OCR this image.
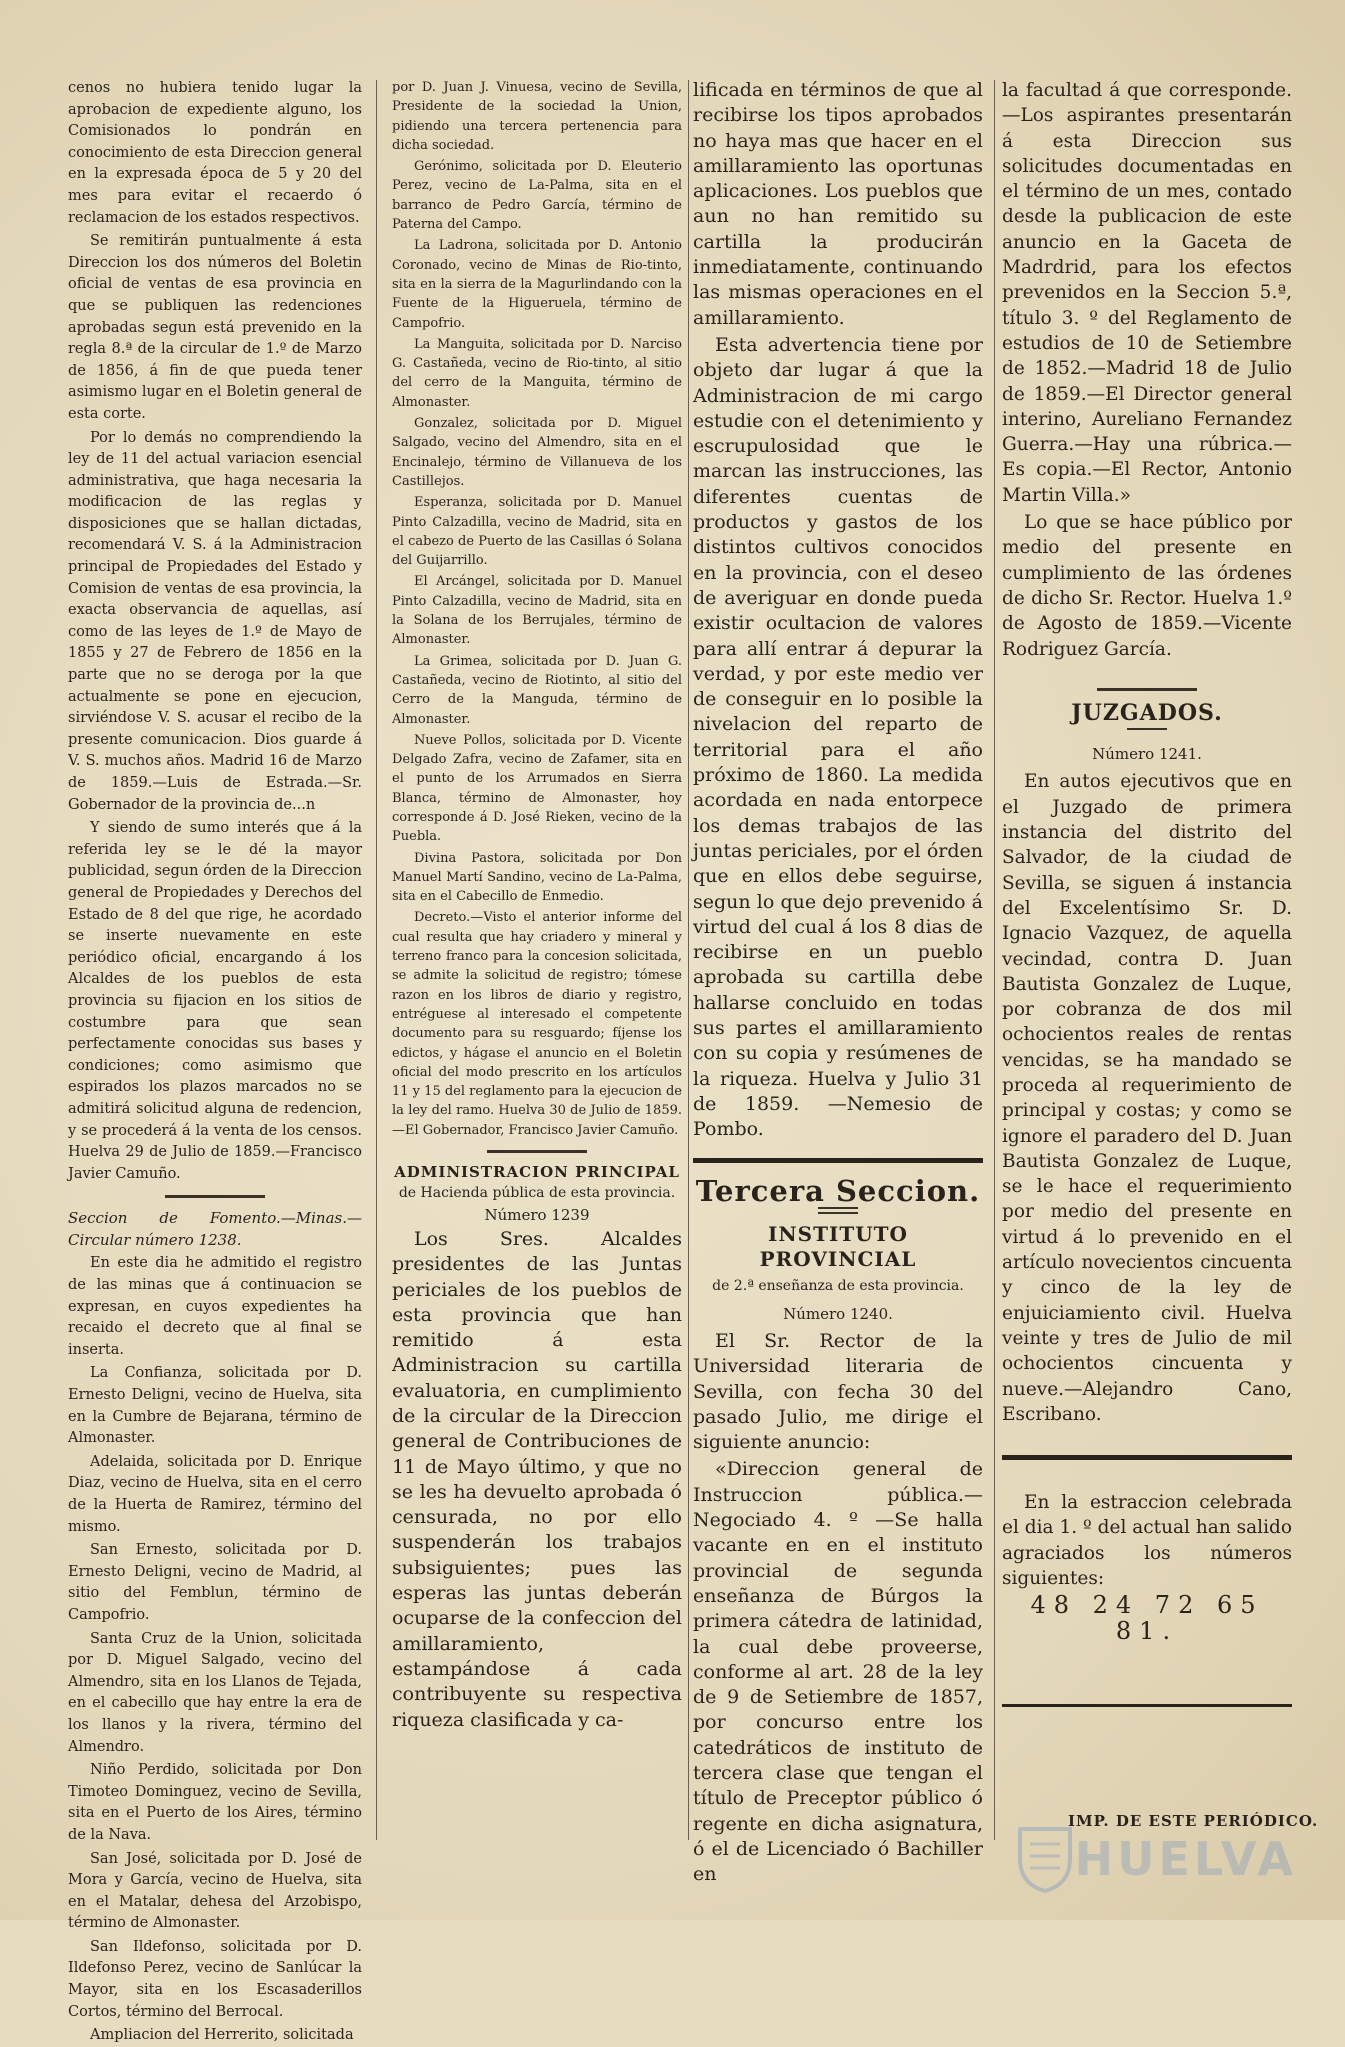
cenos no hubiera tenido lugar la aprobacion de expediente alguno, los Comisionados lo pondrán en conocimiento de esta Direccion general en la expresada época de 5 y 20 del mes para evitar el recaerdo ó reclamacion de los estados respectivos.

Se remitirán puntualmente á esta Direccion los dos números del Boletin oficial de ventas de esa provincia en que se publiquen las redenciones aprobadas segun está prevenido en la regla 8.ª de la circular de 1.º de Marzo de 1856, á fin de que pueda tener asimismo lugar en el Boletin general de esta corte.

Por lo demás no comprendiendo la ley de 11 del actual variacion esencial administrativa, que haga necesaria la modificacion de las reglas y disposiciones que se hallan dictadas, recomendará V. S. á la Administracion principal de Propiedades del Estado y Comision de ventas de esa provincia, la exacta observancia de aquellas, así como de las leyes de 1.º de Mayo de 1855 y 27 de Febrero de 1856 en la parte que no se deroga por la que actualmente se pone en ejecucion, sirviéndose V. S. acusar el recibo de la presente comunicacion. Dios guarde á V. S. muchos años. Madrid 16 de Marzo de 1859.—Luis de Estrada.—Sr. Gobernador de la provincia de...n

Y siendo de sumo interés que á la referida ley se le dé la mayor publicidad, segun órden de la Direccion general de Propiedades y Derechos del Estado de 8 del que rige, he acordado se inserte nuevamente en este periódico oficial, encargando á los Alcaldes de los pueblos de esta provincia su fijacion en los sitios de costumbre para que sean perfectamente conocidas sus bases y condiciones; como asimismo que espirados los plazos marcados no se admitirá solicitud alguna de redencion, y se procederá á la venta de los censos. Huelva 29 de Julio de 1859.—Francisco Javier Camuño.

Seccion de Fomento.—Minas.—Circular número 1238.

En este dia he admitido el registro de las minas que á continuacion se expresan, en cuyos expedientes ha recaido el decreto que al final se inserta.

La Confianza, solicitada por D. Ernesto Deligni, vecino de Huelva, sita en la Cumbre de Bejarana, término de Almonaster.

Adelaida, solicitada por D. Enrique Diaz, vecino de Huelva, sita en el cerro de la Huerta de Ramirez, término del mismo.

San Ernesto, solicitada por D. Ernesto Deligni, vecino de Madrid, al sitio del Femblun, término de Campofrio.

Santa Cruz de la Union, solicitada por D. Miguel Salgado, vecino del Almendro, sita en los Llanos de Tejada, en el cabecillo que hay entre la era de los llanos y la rivera, término del Almendro.

Niño Perdido, solicitada por Don Timoteo Dominguez, vecino de Sevilla, sita en el Puerto de los Aires, término de la Nava.

San José, solicitada por D. José de Mora y García, vecino de Huelva, sita en el Matalar, dehesa del Arzobispo, término de Almonaster.

San Ildefonso, solicitada por D. Ildefonso Perez, vecino de Sanlúcar la Mayor, sita en los Escasaderillos Cortos, término del Berrocal.

Ampliacion del Herrerito, solicitada

por D. Juan J. Vinuesa, vecino de Sevilla, Presidente de la sociedad la Union, pidiendo una tercera pertenencia para dicha sociedad.

Gerónimo, solicitada por D. Eleuterio Perez, vecino de La-Palma, sita en el barranco de Pedro García, término de Paterna del Campo.

La Ladrona, solicitada por D. Antonio Coronado, vecino de Minas de Rio-tinto, sita en la sierra de la Magurlindando con la Fuente de la Higueruela, término de Campofrio.

La Manguita, solicitada por D. Narciso G. Castañeda, vecino de Rio-tinto, al sitio del cerro de la Manguita, término de Almonaster.

Gonzalez, solicitada por D. Miguel Salgado, vecino del Almendro, sita en el Encinalejo, término de Villanueva de los Castillejos.

Esperanza, solicitada por D. Manuel Pinto Calzadilla, vecino de Madrid, sita en el cabezo de Puerto de las Casillas ó Solana del Guijarrillo.

El Arcángel, solicitada por D. Manuel Pinto Calzadilla, vecino de Madrid, sita en la Solana de los Berrujales, término de Almonaster.

La Grimea, solicitada por D. Juan G. Castañeda, vecino de Riotinto, al sitio del Cerro de la Manguda, término de Almonaster.

Nueve Pollos, solicitada por D. Vicente Delgado Zafra, vecino de Zafamer, sita en el punto de los Arrumados en Sierra Blanca, término de Almonaster, hoy corresponde á D. José Rieken, vecino de la Puebla.

Divina Pastora, solicitada por Don Manuel Martí Sandino, vecino de La-Palma, sita en el Cabecillo de Enmedio.

Decreto.—Visto el anterior informe del cual resulta que hay criadero y mineral y terreno franco para la concesion solicitada, se admite la solicitud de registro; tómese razon en los libros de diario y registro, entréguese al interesado el competente documento para su resguardo; fíjense los edictos, y hágase el anuncio en el Boletin oficial del modo prescrito en los artículos 11 y 15 del reglamento para la ejecucion de la ley del ramo. Huelva 30 de Julio de 1859.—El Gobernador, Francisco Javier Camuño.

ADMINISTRACION PRINCIPAL

de Hacienda pública de esta provincia.

Número 1239

Los Sres. Alcaldes presidentes de las Juntas periciales de los pueblos de esta provincia que han remitido á esta Administracion su cartilla evaluatoria, en cumplimiento de la circular de la Direccion general de Contribuciones de 11 de Mayo último, y que no se les ha devuelto aprobada ó censurada, no por ello suspenderán los trabajos subsiguientes; pues las esperas las juntas deberán ocuparse de la confeccion del amillaramiento, estampándose á cada contribuyente su respectiva riqueza clasificada y ca-

lificada en términos de que al recibirse los tipos aprobados no haya mas que hacer en el amillaramiento las oportunas aplicaciones. Los pueblos que aun no han remitido su cartilla la producirán inmediatamente, continuando las mismas operaciones en el amillaramiento.

Esta advertencia tiene por objeto dar lugar á que la Administracion de mi cargo estudie con el detenimiento y escrupulosidad que le marcan las instrucciones, las diferentes cuentas de productos y gastos de los distintos cultivos conocidos en la provincia, con el deseo de averiguar en donde pueda existir ocultacion de valores para allí entrar á depurar la verdad, y por este medio ver de conseguir en lo posible la nivelacion del reparto de territorial para el año próximo de 1860. La medida acordada en nada entorpece los demas trabajos de las juntas periciales, por el órden que en ellos debe seguirse, segun lo que dejo prevenido á virtud del cual á los 8 dias de recibirse en un pueblo aprobada su cartilla debe hallarse concluido en todas sus partes el amillaramiento con su copia y resúmenes de la riqueza. Huelva y Julio 31 de 1859. —Nemesio de Pombo.

Tercera Seccion.

INSTITUTO PROVINCIAL

de 2.ª enseñanza de esta provincia.

Número 1240.

El Sr. Rector de la Universidad literaria de Sevilla, con fecha 30 del pasado Julio, me dirige el siguiente anuncio:

«Direccion general de Instruccion pública.—Negociado 4. º —Se halla vacante en en el instituto provincial de segunda enseñanza de Búrgos la primera cátedra de latinidad, la cual debe proveerse, conforme al art. 28 de la ley de 9 de Setiembre de 1857, por concurso entre los catedráticos de instituto de tercera clase que tengan el título de Preceptor público ó regente en dicha asignatura, ó el de Licenciado ó Bachiller en

la facultad á que corresponde. —Los aspirantes presentarán á esta Direccion sus solicitudes documentadas en el término de un mes, contado desde la publicacion de este anuncio en la Gaceta de Madrdrid, para los efectos prevenidos en la Seccion 5.ª, título 3. º del Reglamento de estudios de 10 de Setiembre de 1852.—Madrid 18 de Julio de 1859.—El Director general interino, Aureliano Fernandez Guerra.—Hay una rúbrica.—Es copia.—El Rector, Antonio Martin Villa.»

Lo que se hace público por medio del presente en cumplimiento de las órdenes de dicho Sr. Rector. Huelva 1.º de Agosto de 1859.—Vicente Rodriguez García.

JUZGADOS.

Número 1241.

En autos ejecutivos que en el Juzgado de primera instancia del distrito del Salvador, de la ciudad de Sevilla, se siguen á instancia del Excelentísimo Sr. D. Ignacio Vazquez, de aquella vecindad, contra D. Juan Bautista Gonzalez de Luque, por cobranza de dos mil ochocientos reales de rentas vencidas, se ha mandado se proceda al requerimiento de principal y costas; y como se ignore el paradero del D. Juan Bautista Gonzalez de Luque, se le hace el requerimiento por medio del presente en virtud á lo prevenido en el artículo novecientos cincuenta y cinco de la ley de enjuiciamiento civil. Huelva veinte y tres de Julio de mil ochocientos cincuenta y nueve.—Alejandro Cano, Escribano.

En la estraccion celebrada el dia 1. º del actual han salido agraciados los números siguientes:

48 24 72 65 81.

IMP. DE ESTE PERIÓDICO.
HUELVA
